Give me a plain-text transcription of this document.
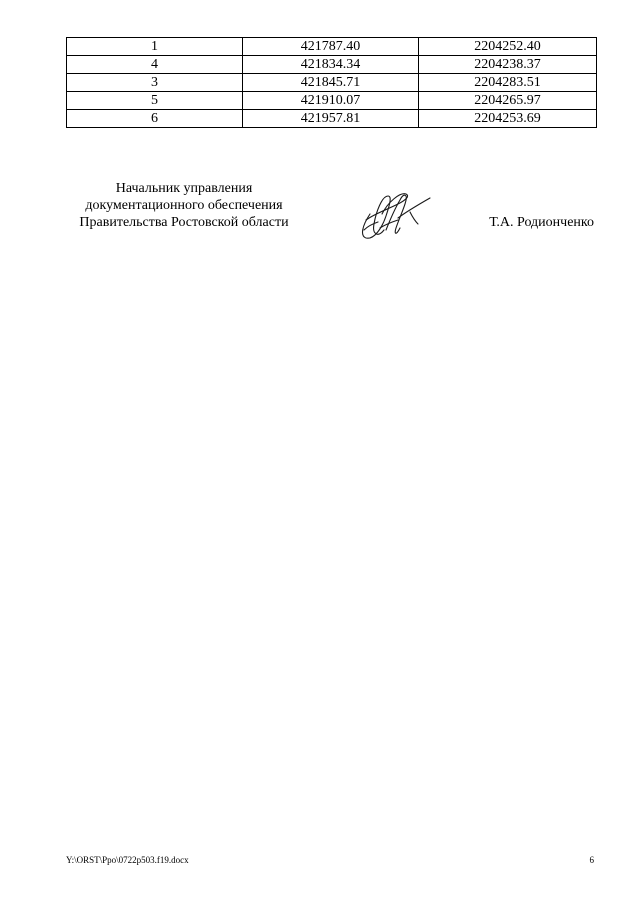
1	421787.40	2204252.40
4	421834.34	2204238.37
3	421845.71	2204283.51
5	421910.07	2204265.97
6	421957.81	2204253.69
Начальник управления
документационного обеспечения
Правительства Ростовской области	Т.А. Родионченко
Y:\ORST\Ppo\0722p503.f19.docx	6
